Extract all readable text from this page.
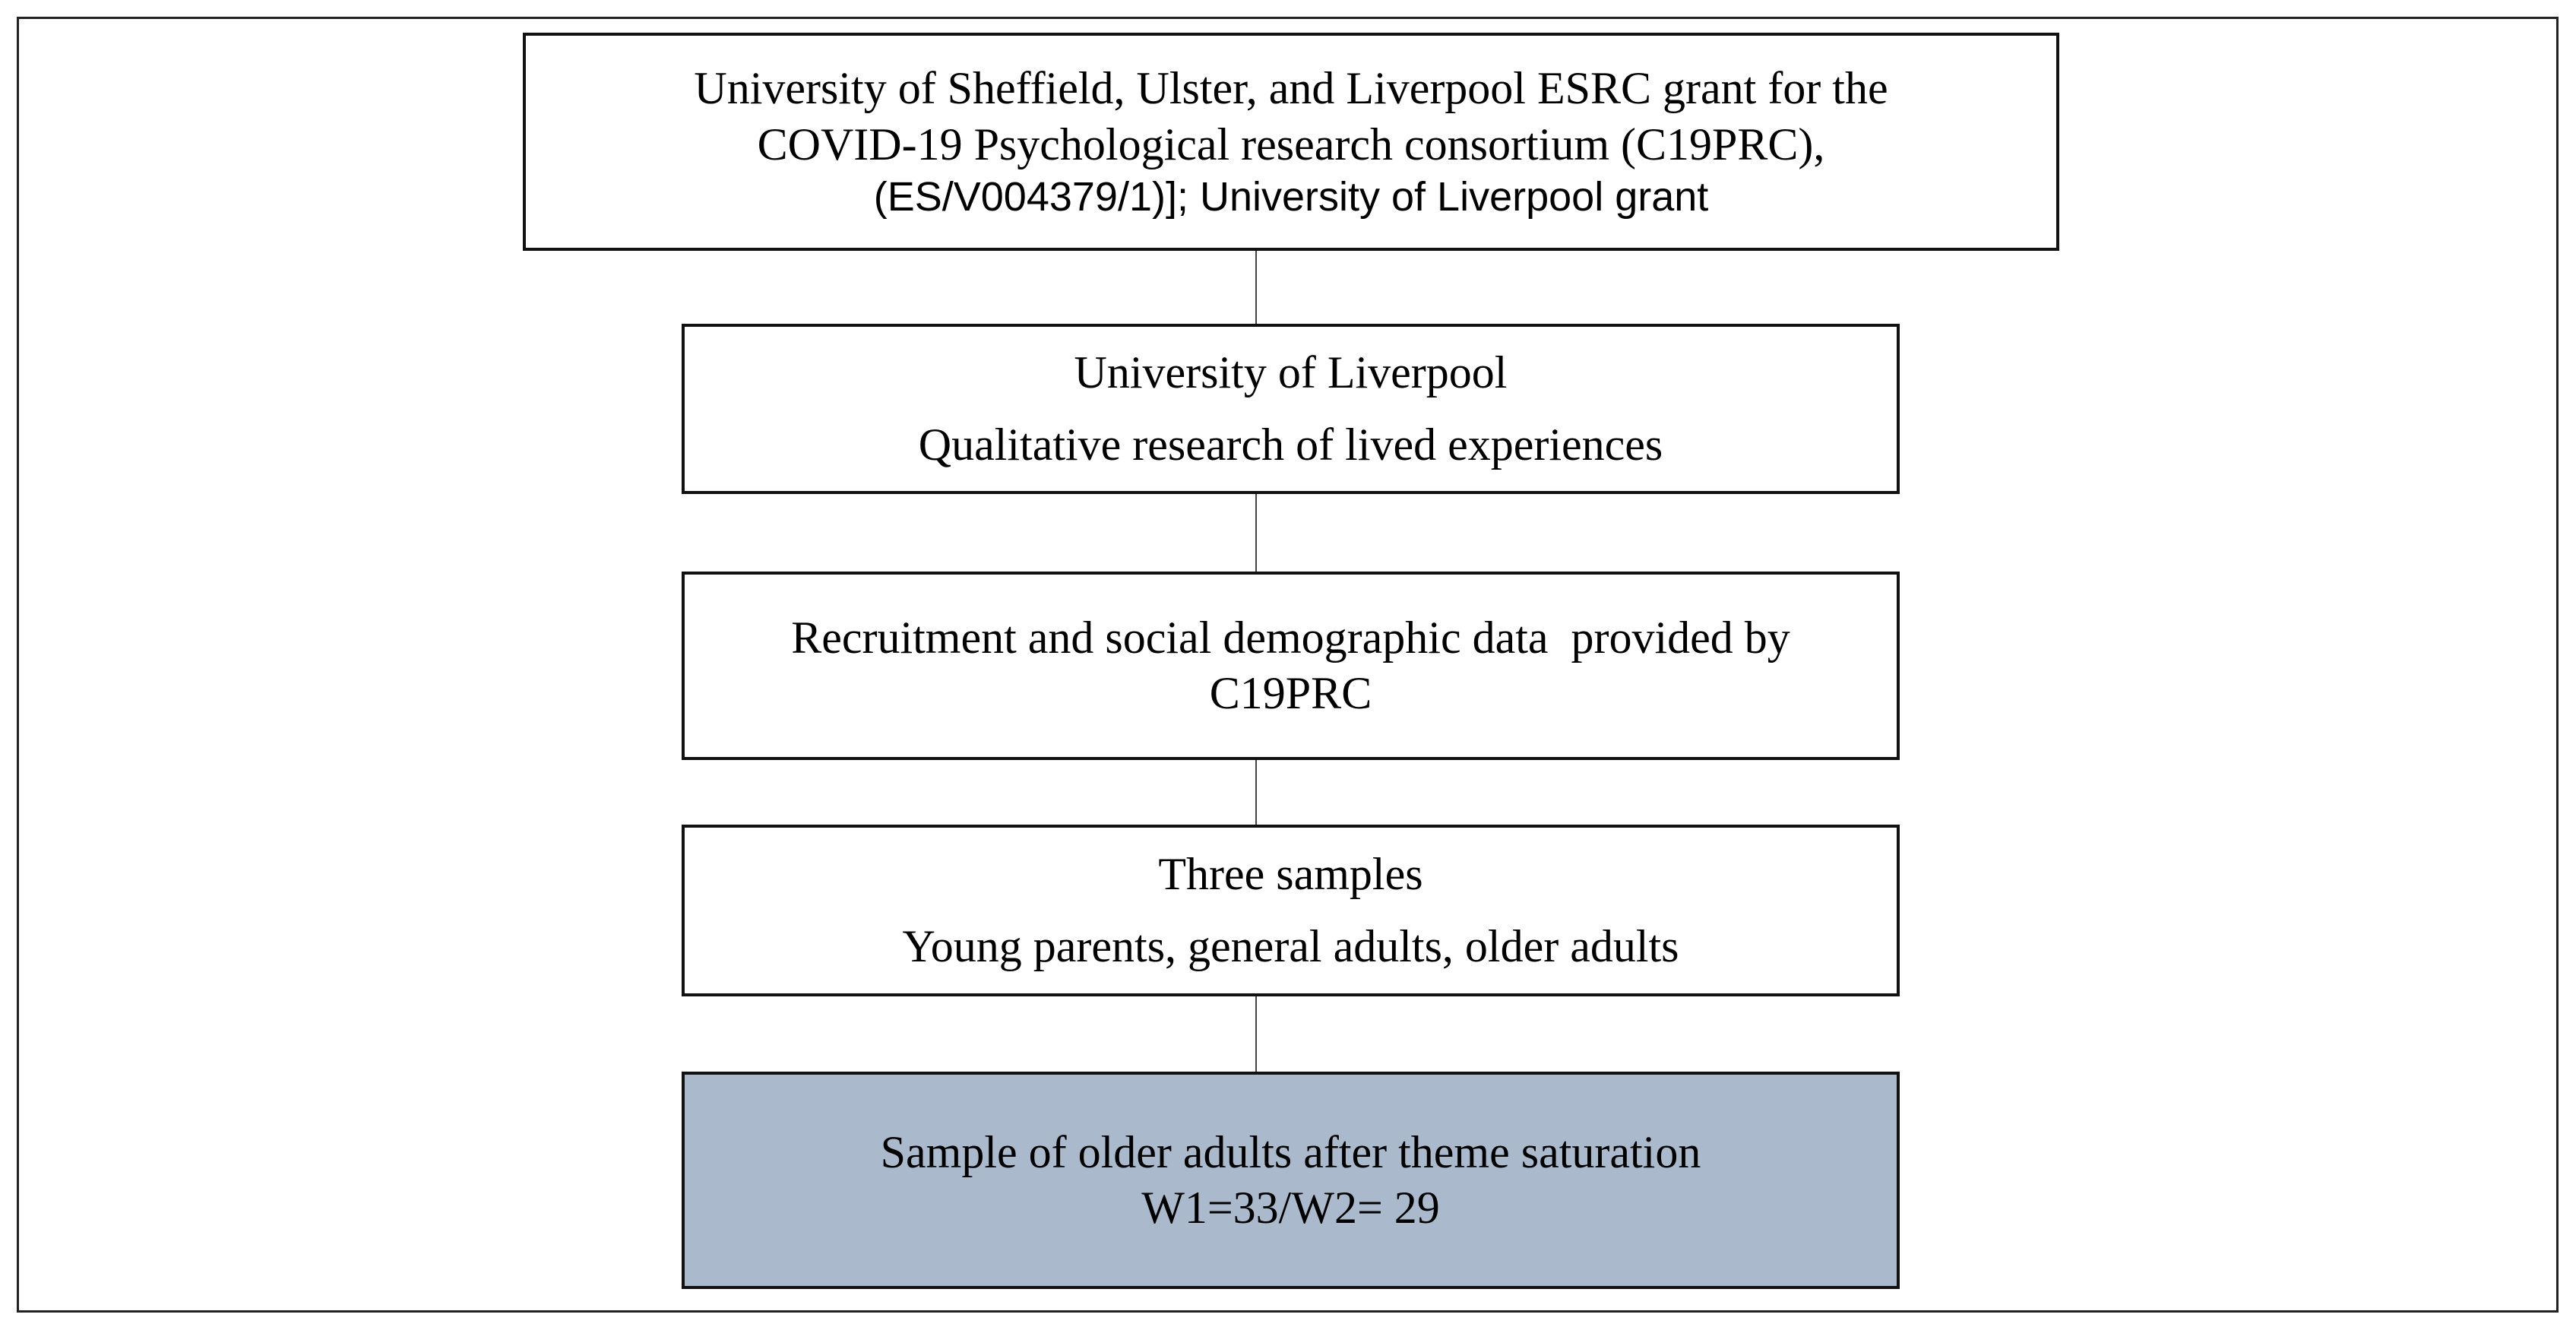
University of Sheffield, Ulster, and Liverpool ESRC grant for the
COVID-19 Psychological research consortium (C19PRC),
(ES/V004379/1)]; University of Liverpool grant
University of Liverpool
Qualitative research of lived experiences
Recruitment and social demographic data  provided by
C19PRC
Three samples
Young parents, general adults, older adults
Sample of older adults after theme saturation
W1=33/W2= 29
